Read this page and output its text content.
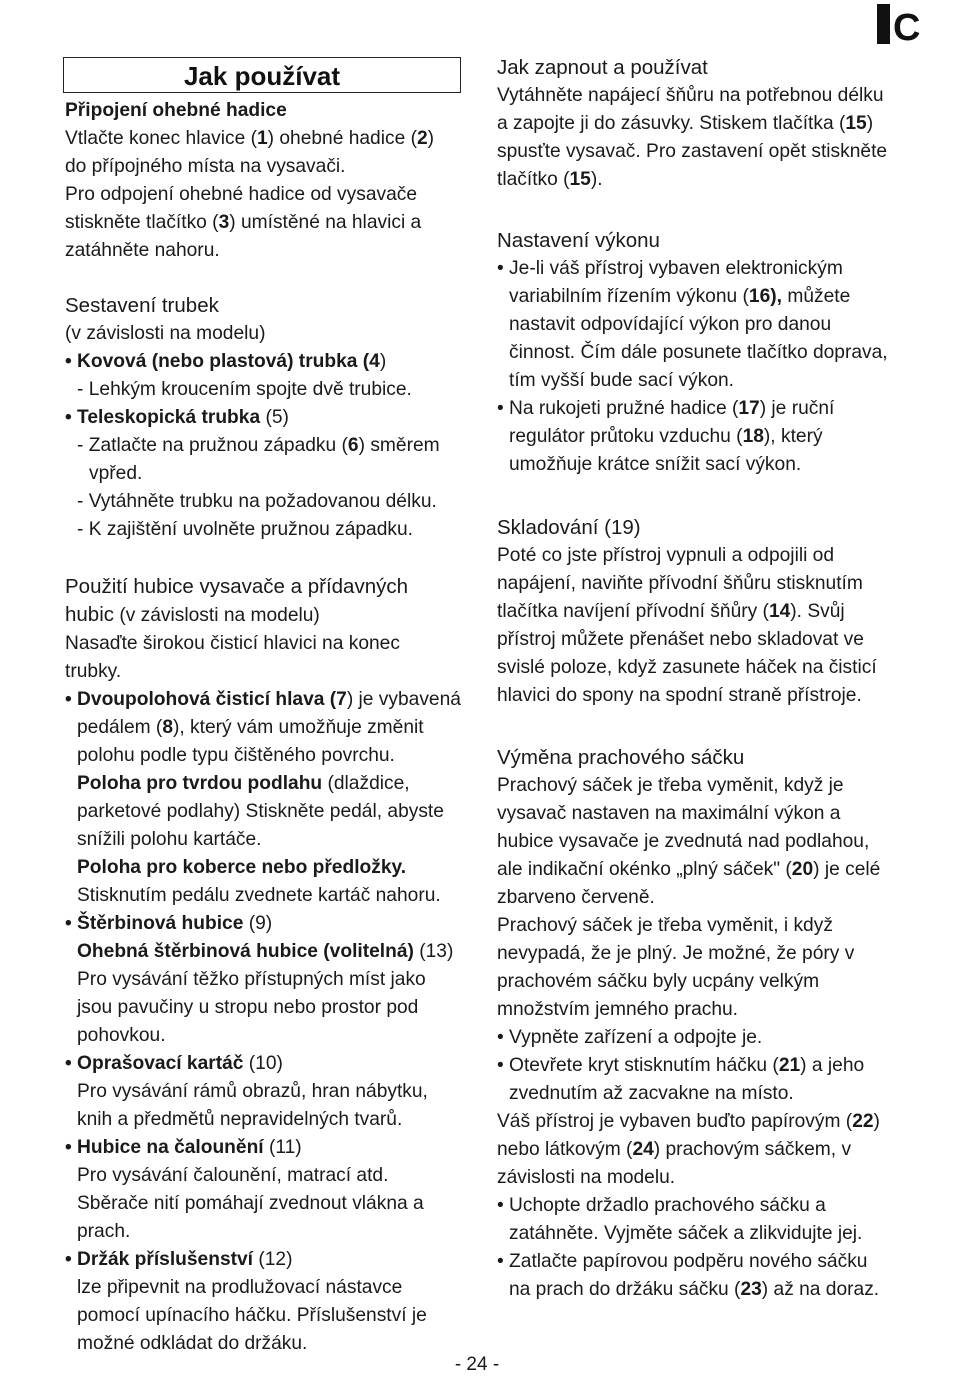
C
Jak používat

Připojení ohebné hadice

Vtlačte konec hlavice (1) ohebné hadice (2)

do přípojného místa na vysavači.

Pro odpojení ohebné hadice od vysavače

stiskněte tlačítko (3) umístěné na hlavici a

zatáhněte nahoru.

Sestavení trubek

(v závislosti na modelu)

• Kovová (nebo plastová) trubka (4)

- Lehkým kroucením spojte dvě trubice.

• Teleskopická trubka (5)

- Zatlačte na pružnou západku (6) směrem

vpřed.

- Vytáhněte trubku na požadovanou délku.

- K zajištění uvolněte pružnou západku.

Použití hubice vysavače a přídavných

hubic (v závislosti na modelu)

Nasaďte širokou čisticí hlavici na konec

trubky.

• Dvoupolohová čisticí hlava (7) je vybavená

pedálem (8), který vám umožňuje změnit

polohu podle typu čištěného povrchu.

Poloha pro tvrdou podlahu (dlaždice,

parketové podlahy) Stiskněte pedál, abyste

snížili polohu kartáče.

Poloha pro koberce nebo předložky.

Stisknutím pedálu zvednete kartáč nahoru.

• Štěrbinová hubice (9)

Ohebná štěrbinová hubice (volitelná) (13)

Pro vysávání těžko přístupných míst jako

jsou pavučiny u stropu nebo prostor pod

pohovkou.

• Oprašovací kartáč (10)

Pro vysávání rámů obrazů, hran nábytku,

knih a předmětů nepravidelných tvarů.

• Hubice na čalounění (11)

Pro vysávání čalounění, matrací atd.

Sběrače nití pomáhají zvednout vlákna a

prach.

• Držák příslušenství (12)

lze připevnit na prodlužovací nástavce

pomocí upínacího háčku. Příslušenství je

možné odkládat do držáku.

Jak zapnout a používat

Vytáhněte napájecí šňůru na potřebnou délku

a zapojte ji do zásuvky. Stiskem tlačítka (15)

spusťte vysavač. Pro zastavení opět stiskněte

tlačítko (15).

Nastavení výkonu

• Je-li váš přístroj vybaven elektronickým

variabilním řízením výkonu (16), můžete

nastavit odpovídající výkon pro danou

činnost. Čím dále posunete tlačítko doprava,

tím vyšší bude sací výkon.

• Na rukojeti pružné hadice (17) je ruční

regulátor průtoku vzduchu (18), který

umožňuje krátce snížit sací výkon.

Skladování (19)

Poté co jste přístroj vypnuli a odpojili od

napájení, naviňte přívodní šňůru stisknutím

tlačítka navíjení přívodní šňůry (14). Svůj

přístroj můžete přenášet nebo skladovat ve

svislé poloze, když zasunete háček na čisticí

hlavici do spony na spodní straně přístroje.

Výměna prachového sáčku

Prachový sáček je třeba vyměnit, když je

vysavač nastaven na maximální výkon a

hubice vysavače je zvednutá nad podlahou,

ale indikační okénko „plný sáček" (20) je celé

zbarveno červeně.

Prachový sáček je třeba vyměnit, i když

nevypadá, že je plný. Je možné, že póry v

prachovém sáčku byly ucpány velkým

množstvím jemného prachu.

• Vypněte zařízení a odpojte je.

• Otevřete kryt stisknutím háčku (21) a jeho

zvednutím až zacvakne na místo.

Váš přístroj je vybaven buďto papírovým (22)

nebo látkovým (24) prachovým sáčkem, v

závislosti na modelu.

• Uchopte držadlo prachového sáčku a

zatáhněte. Vyjměte sáček a zlikvidujte jej.

• Zatlačte papírovou podpěru nového sáčku

na prach do držáku sáčku (23) až na doraz.

- 24 -
